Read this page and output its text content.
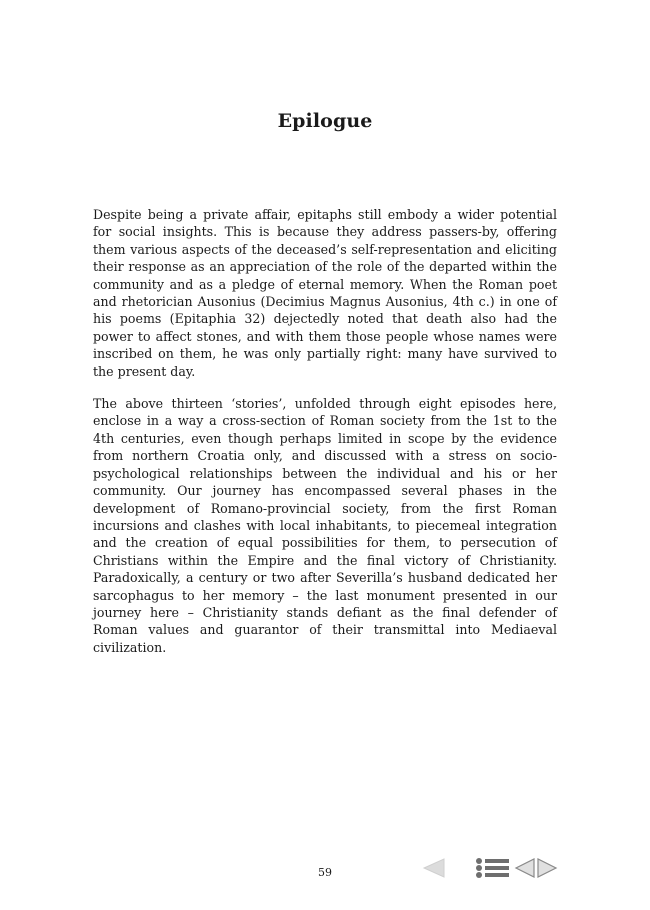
Epilogue

Despite being a private affair, epitaphs still embody a wider potential for social insights. This is because they address passers-by, offering them various aspects of the deceased’s self-representation and eliciting their response as an appreciation of the role of the departed within the community and as a pledge of eternal memory. When the Roman poet and rhetorician Ausonius (Decimius Magnus Ausonius, 4th c.) in one of his poems (Epitaphia 32) dejectedly noted that death also had the power to affect stones, and with them those people whose names were inscribed on them, he was only partially right: many have survived to the present day.

The above thirteen ‘stories’, unfolded through eight episodes here, enclose in a way a cross-section of Roman society from the 1st to the 4th centuries, even though perhaps limited in scope by the evidence from northern Croatia only, and discussed with a stress on socio-psychological relationships between the individual and his or her community. Our journey has encompassed several phases in the development of Romano-provincial society, from the first Roman incursions and clashes with local inhabitants, to piecemeal integration and the creation of equal possibilities for them, to persecution of Christians within the Empire and the final victory of Christianity. Paradoxically, a century or two after Severilla’s husband dedicated her sarcophagus to her memory – the last monument presented in our journey here – Christianity stands defiant as the final defender of Roman values and guarantor of their transmittal into Mediaeval civilization.

59
